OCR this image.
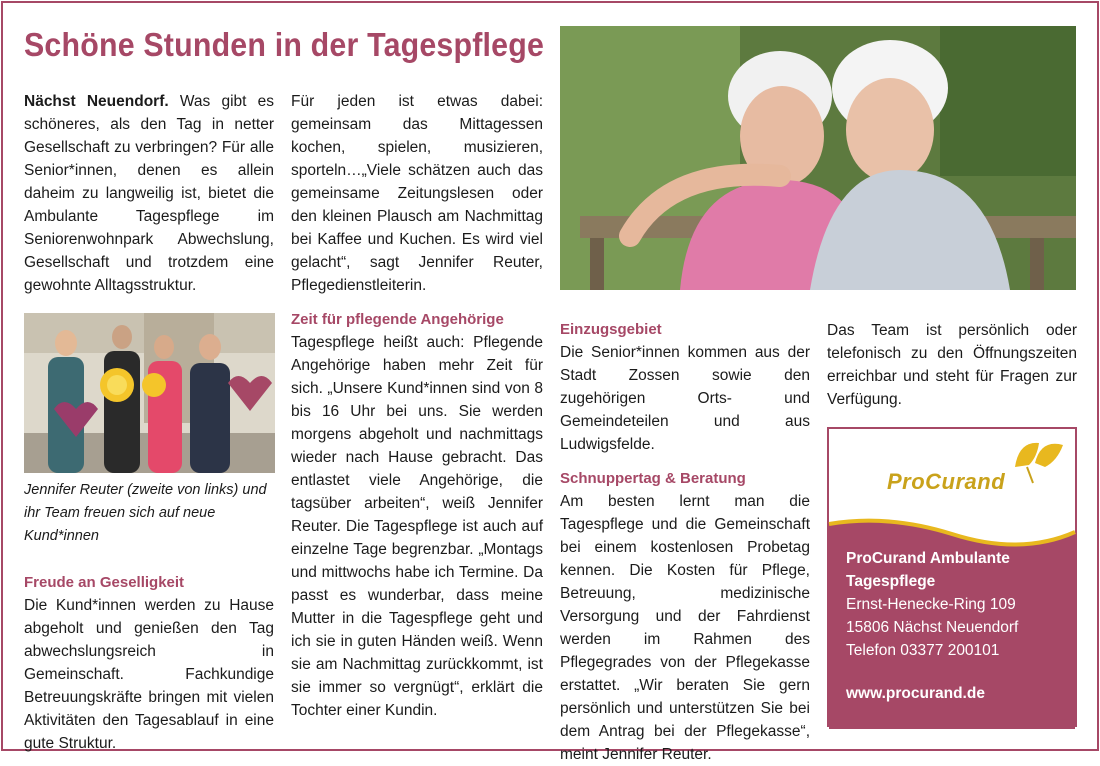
Schöne Stunden in der Tagespflege

Nächst Neuendorf. Was gibt es schöneres, als den Tag in netter Gesellschaft zu verbringen? Für alle Senior*innen, denen es allein daheim zu langweilig ist, bietet die Ambulante Tagespflege im Seniorenwohnpark Abwechslung, Gesellschaft und trotzdem eine gewohnte Alltagsstruktur.

Jennifer Reuter (zweite von links) und ihr Team freuen sich auf neue Kund*innen

Freude an Geselligkeit

Die Kund*innen werden zu Hause abgeholt und genießen den Tag abwechslungsreich in Gemeinschaft. Fachkundige Betreuungskräfte bringen mit vielen Aktivitäten den Tagesablauf in eine gute Struktur.

Für jeden ist etwas dabei: gemeinsam das Mittagessen kochen, spielen, musizieren, sporteln…„Viele schätzen auch das gemeinsame Zeitungslesen oder den kleinen Plausch am Nachmittag bei Kaffee und Kuchen. Es wird viel gelacht“, sagt Jennifer Reuter, Pflegedienstleiterin.

Zeit für pflegende Angehörige

Tagespflege heißt auch: Pflegende Angehörige haben mehr Zeit für sich. „Unsere Kund*innen sind von 8 bis 16 Uhr bei uns. Sie werden morgens abgeholt und nachmittags wieder nach Hause gebracht. Das entlastet viele Angehörige, die tagsüber arbeiten“, weiß Jennifer Reuter. Die Tagespflege ist auch auf einzelne Tage begrenzbar. „Montags und mittwochs habe ich Termine. Da passt es wunderbar, dass meine Mutter in die Tagespflege geht und ich sie in guten Händen weiß. Wenn sie am Nachmittag zurückkommt, ist sie immer so vergnügt“, erklärt die Tochter einer Kundin.

Einzugsgebiet

Die Senior*innen kommen aus der Stadt Zossen sowie den zugehörigen Orts- und Gemeindeteilen und aus Ludwigsfelde.

Schnuppertag & Beratung

Am besten lernt man die Tagespflege und die Gemeinschaft bei einem kostenlosen Probetag kennen. Die Kosten für Pflege, Betreuung, medizinische Versorgung und der Fahrdienst werden im Rahmen des Pflegegrades von der Pflegekasse erstattet. „Wir beraten Sie gern persönlich und unterstützen Sie bei dem Antrag bei der Pflegekasse“, meint Jennifer Reuter.

Das Team ist persönlich oder telefonisch zu den Öffnungszeiten erreichbar und steht für Fragen zur Verfügung.

ProCurand
ProCurand Ambulante
Tagespflege
Ernst-Henecke-Ring 109
15806 Nächst Neuendorf
Telefon 03377 200101
www.procurand.de
